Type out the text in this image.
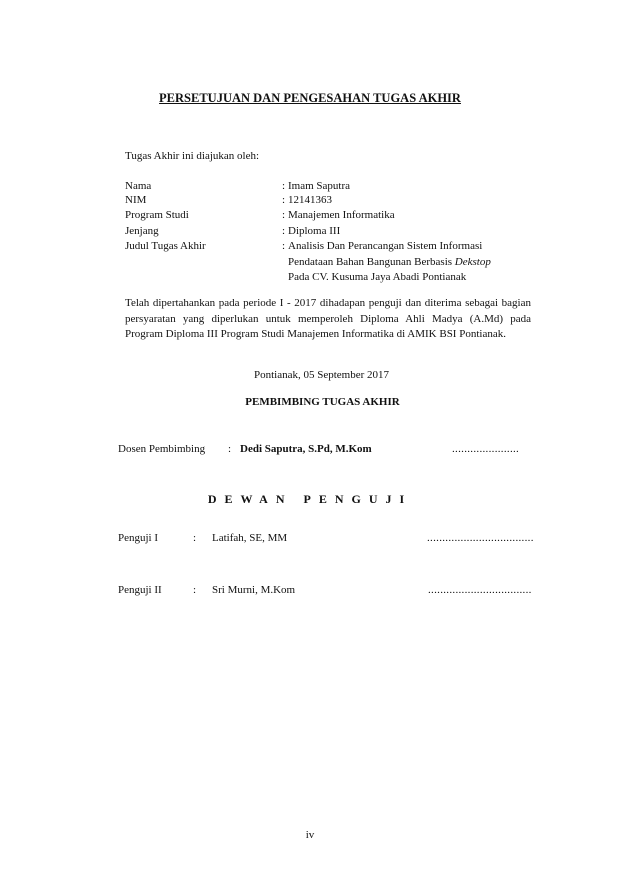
PERSETUJUAN DAN PENGESAHAN TUGAS AKHIR
Tugas Akhir ini diajukan oleh:
Nama	: Imam Saputra
NIM	: 12141363
Program Studi	: Manajemen Informatika
Jenjang	: Diploma III
Judul Tugas Akhir	: Analisis Dan Perancangan Sistem Informasi
Pendataan Bahan Bangunan Berbasis Dekstop
Pada CV. Kusuma Jaya Abadi Pontianak
Telah dipertahankan pada periode I - 2017 dihadapan penguji dan diterima sebagai bagian persyaratan yang diperlukan untuk memperoleh Diploma Ahli Madya (A.Md) pada Program Diploma III Program Studi Manajemen Informatika di AMIK BSI Pontianak.
Pontianak, 05 September 2017
PEMBIMBING TUGAS AKHIR
Dosen Pembimbing : Dedi Saputra, S.Pd, M.Kom	......................
DEWAN PENGUJI
Penguji I	: Latifah, SE, MM	...................................
Penguji II	: Sri Murni, M.Kom	..................................
iv
